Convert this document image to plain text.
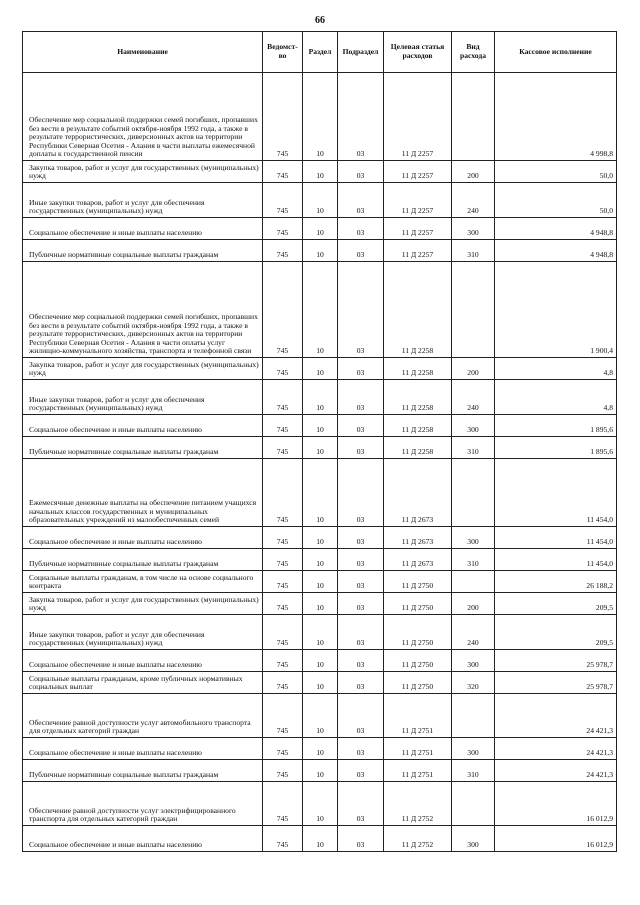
66
Наименование	Ведомст-во	Раздел	Подраздел	Целевая статья расходов	Вид расхода	Кассовое исполнение
Обеспечение мер социальной поддержки семей погибших, пропавших без вести в результате событий октября-ноября 1992 года, а также в результате террористических, диверсионных актов на территории Республики Северная Осетия - Алания в части выплаты ежемесячной доплаты к государственной пенсии	745	10	03	11 Д 2257		4 998,8
Закупка товаров, работ и услуг для государственных (муниципальных) нужд	745	10	03	11 Д 2257	200	50,0
Иные закупки товаров, работ и услуг для обеспечения государственных (муниципальных) нужд	745	10	03	11 Д 2257	240	50,0
Социальное обеспечение и иные выплаты населению	745	10	03	11 Д 2257	300	4 948,8
Публичные нормативные социальные выплаты гражданам	745	10	03	11 Д 2257	310	4 948,8
Обеспечение мер социальной поддержки семей погибших, пропавших без вести в результате событий октября-ноября 1992 года, а также в результате террористических, диверсионных актов на территории Республики Северная Осетия - Алания в части оплаты услуг жилищно-коммунального хозяйства, транспорта и телефонной связи	745	10	03	11 Д 2258		1 900,4
Закупка товаров, работ и услуг для государственных (муниципальных) нужд	745	10	03	11 Д 2258	200	4,8
Иные закупки товаров, работ и услуг для обеспечения государственных (муниципальных) нужд	745	10	03	11 Д 2258	240	4,8
Социальное обеспечение и иные выплаты населению	745	10	03	11 Д 2258	300	1 895,6
Публичные нормативные социальные выплаты гражданам	745	10	03	11 Д 2258	310	1 895,6
Ежемесячные денежные выплаты на обеспечение питанием учащихся начальных классов государственных и муниципальных образовательных учреждений из малообеспеченных семей	745	10	03	11 Д 2673		11 454,0
Социальное обеспечение и иные выплаты населению	745	10	03	11 Д 2673	300	11 454,0
Публичные нормативные социальные выплаты гражданам	745	10	03	11 Д 2673	310	11 454,0
Социальные выплаты гражданам, в том числе на основе социального контракта	745	10	03	11 Д 2750		26 188,2
Закупка товаров, работ и услуг для государственных (муниципальных) нужд	745	10	03	11 Д 2750	200	209,5
Иные закупки товаров, работ и услуг для обеспечения государственных (муниципальных) нужд	745	10	03	11 Д 2750	240	209,5
Социальное обеспечение и иные выплаты населению	745	10	03	11 Д 2750	300	25 978,7
Социальные выплаты гражданам, кроме публичных нормативных социальных выплат	745	10	03	11 Д 2750	320	25 978,7
Обеспечение равной доступности услуг автомобильного транспорта для отдельных категорий граждан	745	10	03	11 Д 2751		24 421,3
Социальное обеспечение и иные выплаты населению	745	10	03	11 Д 2751	300	24 421,3
Публичные нормативные социальные выплаты гражданам	745	10	03	11 Д 2751	310	24 421,3
Обеспечение равной доступности услуг электрифицированного транспорта для отдельных категорий граждан	745	10	03	11 Д 2752		16 012,9
Социальное обеспечение и иные выплаты населению	745	10	03	11 Д 2752	300	16 012,9
